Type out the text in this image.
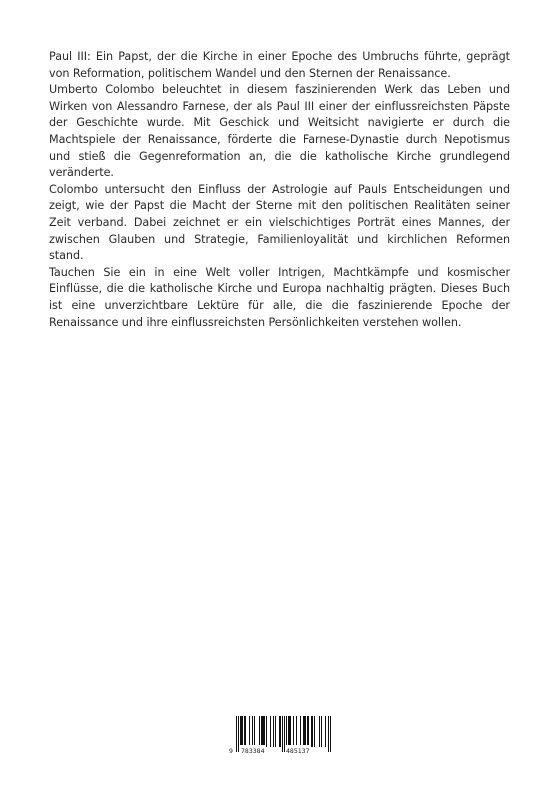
Paul III: Ein Papst, der die Kirche in einer Epoche des Umbruchs führte, geprägt von Reformation, politischem Wandel und den Sternen der Renaissance.

Umberto Colombo beleuchtet in diesem faszinierenden Werk das Leben und Wirken von Alessandro Farnese, der als Paul III einer der einflussreichsten Päpste der Geschichte wurde. Mit Geschick und Weitsicht navigierte er durch die Machtspiele der Renaissance, förderte die Farnese-Dynastie durch Nepotismus und stieß die Gegenreformation an, die die katholische Kirche grundlegend veränderte.

Colombo untersucht den Einfluss der Astrologie auf Pauls Entscheidungen und zeigt, wie der Papst die Macht der Sterne mit den politischen Realitäten seiner Zeit verband. Dabei zeichnet er ein vielschichtiges Porträt eines Mannes, der zwischen Glauben und Strategie, Familienloyalität und kirchlichen Reformen stand.

Tauchen Sie ein in eine Welt voller Intrigen, Machtkämpfe und kosmischer Einflüsse, die die katholische Kirche und Europa nachhaltig prägten. Dieses Buch ist eine unverzichtbare Lektüre für alle, die die faszinierende Epoche der Renaissance und ihre einflussreichsten Persönlichkeiten verstehen wollen.

9 783384	485137
